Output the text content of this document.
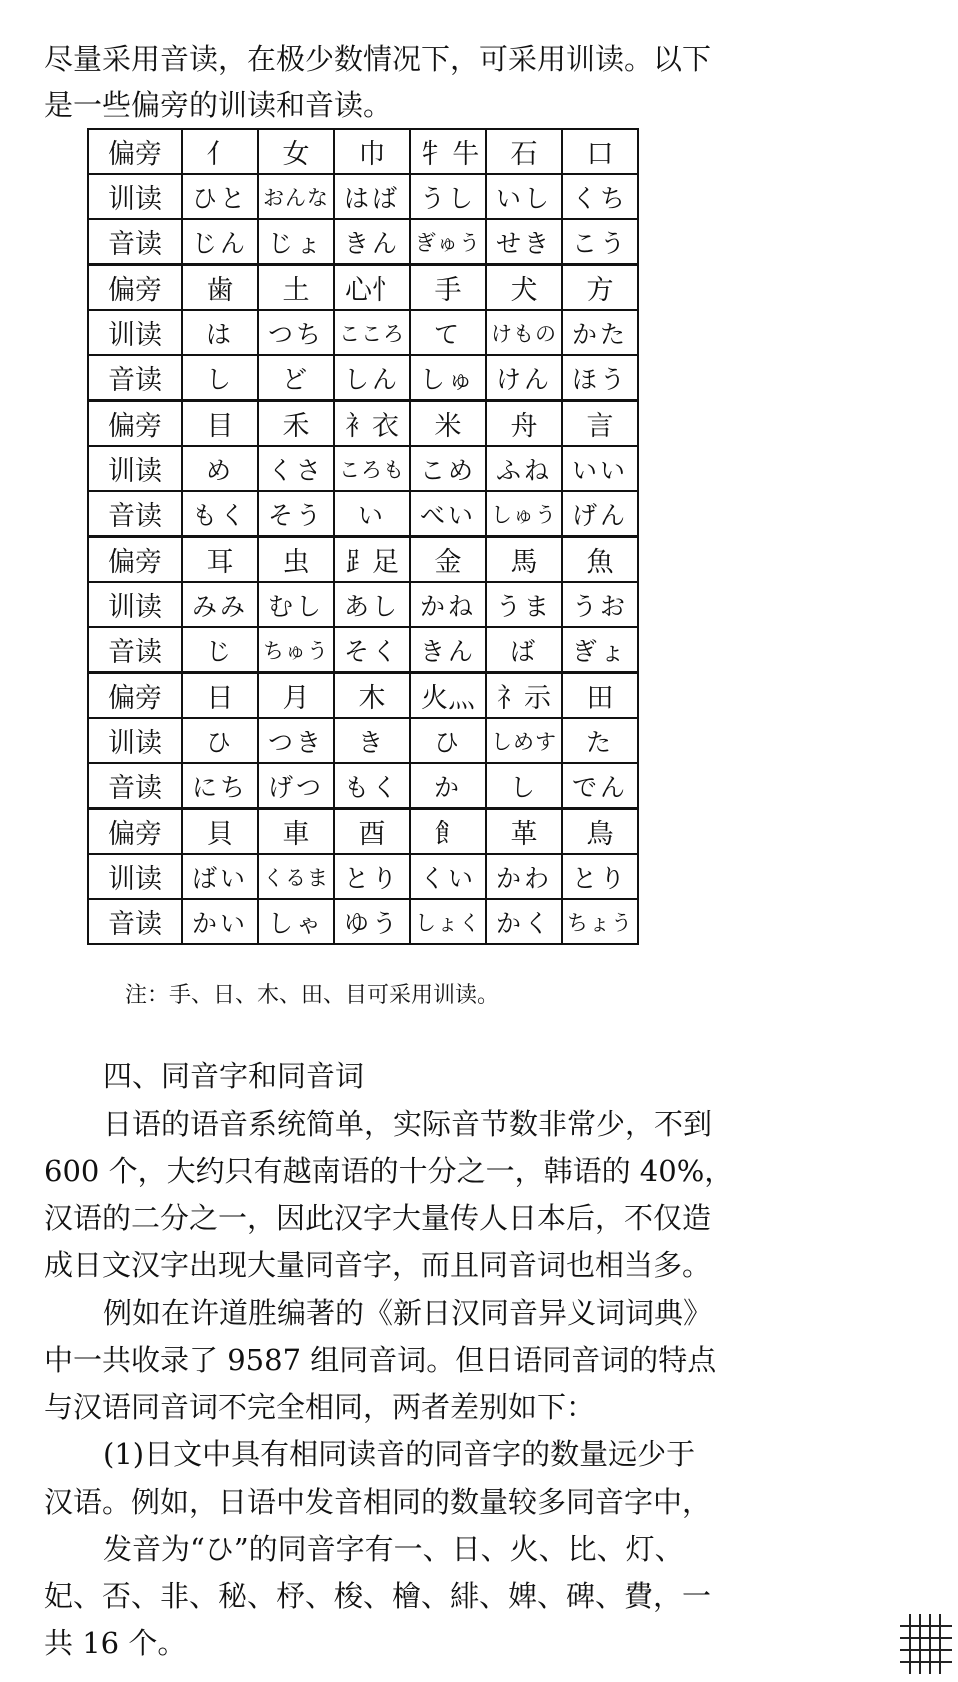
尽量采用音读，在极少数情况下，可采用训读。以下
是一些偏旁的训读和音读。
偏旁	亻	女	巾	牜 牛	石	口
训读	ひと	おんな	はば	うし	いし	くち
音读	じん	じょ	きん	ぎゅう	せき	こう
偏旁	歯	土	心忄	手	犬	方
训读	は	つち	こころ	て	けもの	かた
音读	し	ど	しん	しゅ	けん	ほう
偏旁	目	禾	衤衣	米	舟	言
训读	め	くさ	ころも	こめ	ふね	いい
音读	もく	そう	い	べい	しゅう	げん
偏旁	耳	虫	⻊足	金	馬	魚
训读	みみ	むし	あし	かね	うま	うお
音读	じ	ちゅう	そく	きん	ば	ぎょ
偏旁	日	月	木	火灬	礻示	田
训读	ひ	つき	き	ひ	しめす	た
音读	にち	げつ	もく	か	し	でん
偏旁	貝	車	酉	飠	革	鳥
训读	ばい	くるま	とり	くい	かわ	とり
音读	かい	しゃ	ゆう	しょく	かく	ちょう
注：手、日、木、田、目可采用训读。
四、同音字和同音词
日语的语音系统简单，实际音节数非常少，不到
600 个，大约只有越南语的十分之一，韩语的 40%，
汉语的二分之一，因此汉字大量传人日本后，不仅造
成日文汉字出现大量同音字，而且同音词也相当多。
例如在许道胜编著的《新日汉同音异义词词典》
中一共收录了 9587 组同音词。但日语同音词的特点
与汉语同音词不完全相同，两者差别如下：
(1)日文中具有相同读音的同音字的数量远少于
汉语。例如，日语中发音相同的数量较多同音字中，
发音为“ひ”的同音字有一、日、火、比、灯、
妃、否、非、秘、杼、梭、檜、緋、婢、碑、費，一
共 16 个。
